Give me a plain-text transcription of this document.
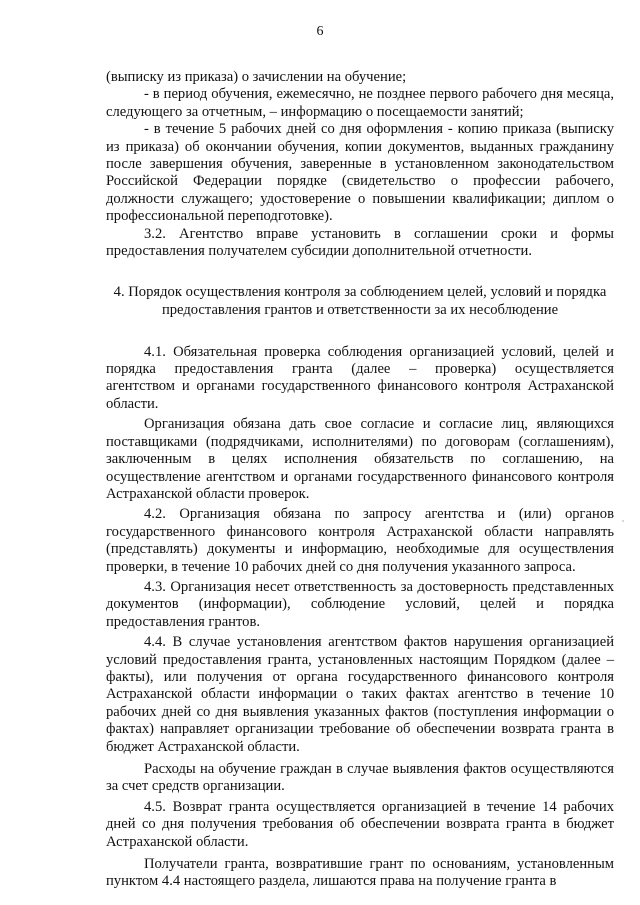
6

(выписку из приказа) о зачислении на обучение;

- в период обучения, ежемесячно, не позднее первого рабочего дня месяца, следующего за отчетным, – информацию о посещаемости занятий;

- в течение 5 рабочих дней со дня оформления - копию приказа (выписку из приказа) об окончании обучения, копии документов, выданных гражданину после завершения обучения, заверенные в установленном законодательством Российской Федерации порядке (свидетельство о профессии рабочего, должности служащего; удостоверение о повышении квалификации; диплом о профессиональной переподготовке).

3.2. Агентство вправе установить в соглашении сроки и формы предоставления получателем субсидии дополнительной отчетности.

4. Порядок осуществления контроля за соблюдением целей, условий и порядка предоставления грантов и ответственности за их несоблюдение

4.1. Обязательная проверка соблюдения организацией условий, целей и порядка предоставления гранта (далее – проверка) осуществляется агентством и органами государственного финансового контроля Астраханской области.

Организация обязана дать свое согласие и согласие лиц, являющихся поставщиками (подрядчиками, исполнителями) по договорам (соглашениям), заключенным в целях исполнения обязательств по соглашению, на осуществление агентством и органами государственного финансового контроля Астраханской области проверок.

4.2. Организация обязана по запросу агентства и (или) органов государственного финансового контроля Астраханской области направлять (представлять) документы и информацию, необходимые для осуществления проверки, в течение 10 рабочих дней со дня получения указанного запроса.

4.3. Организация несет ответственность за достоверность представленных документов (информации), соблюдение условий, целей и порядка предоставления грантов.

4.4. В случае установления агентством фактов нарушения организацией условий предоставления гранта, установленных настоящим Порядком (далее – факты), или получения от органа государственного финансового контроля Астраханской области информации о таких фактах агентство в течение 10 рабочих дней со дня выявления указанных фактов (поступления информации о фактах) направляет организации требование об обеспечении возврата гранта в бюджет Астраханской области.

Расходы на обучение граждан в случае выявления фактов осуществляются за счет средств организации.

4.5. Возврат гранта осуществляется организацией в течение 14 рабочих дней со дня получения требования об обеспечении возврата гранта в бюджет Астраханской области.

Получатели гранта, возвратившие грант по основаниям, установленным пунктом 4.4 настоящего раздела, лишаются права на получение гранта в
